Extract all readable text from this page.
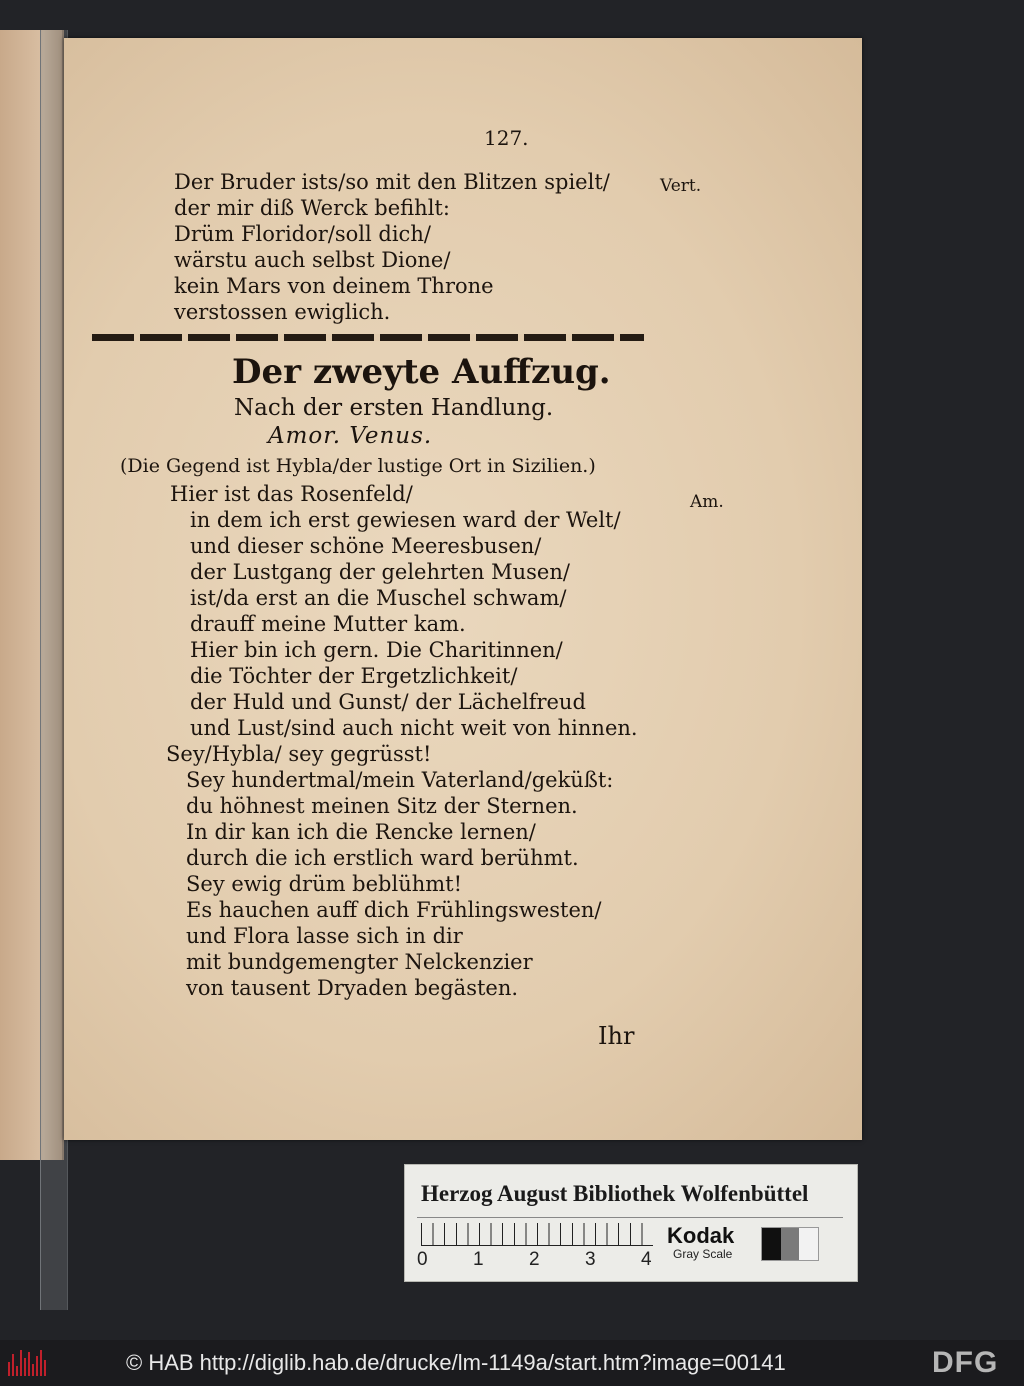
127.
Der Bruder ists/so mit den Blitzen spielt/
der mir diß Werck befihlt:
Drüm Floridor/soll dich/
wärstu auch selbst Dione/
kein Mars von deinem Throne
verstossen ewiglich.
Vert.
Der zweyte Auffzug.
Nach der ersten Handlung.
Amor. Venus.
(Die Gegend ist Hybla/der lustige Ort in Sizilien.)
Am.
Hier ist das Rosenfeld/
in dem ich erst gewiesen ward der Welt/
und dieser schöne Meeresbusen/
der Lustgang der gelehrten Musen/
ist/da erst an die Muschel schwam/
drauff meine Mutter kam.
Hier bin ich gern. Die Charitinnen/
die Töchter der Ergetzlichkeit/
der Huld und Gunst/ der Lächelfreud
und Lust/sind auch nicht weit von hinnen.
Sey/Hybla/ sey gegrüsst!
Sey hundertmal/mein Vaterland/geküßt:
du höhnest meinen Sitz der Sternen.
In dir kan ich die Rencke lernen/
durch die ich erstlich ward berühmt.
Sey ewig drüm beblühmt!
Es hauchen auff dich Frühlingswesten/
und Flora lasse sich in dir
mit bundgemengter Nelckenzier
von tausent Dryaden begästen.
Ihr
Herzog August Bibliothek Wolfenbüttel
0 1 2 3 4
Kodak
Gray Scale
© HAB http://diglib.hab.de/drucke/lm-1149a/start.htm?image=00141	DFG
